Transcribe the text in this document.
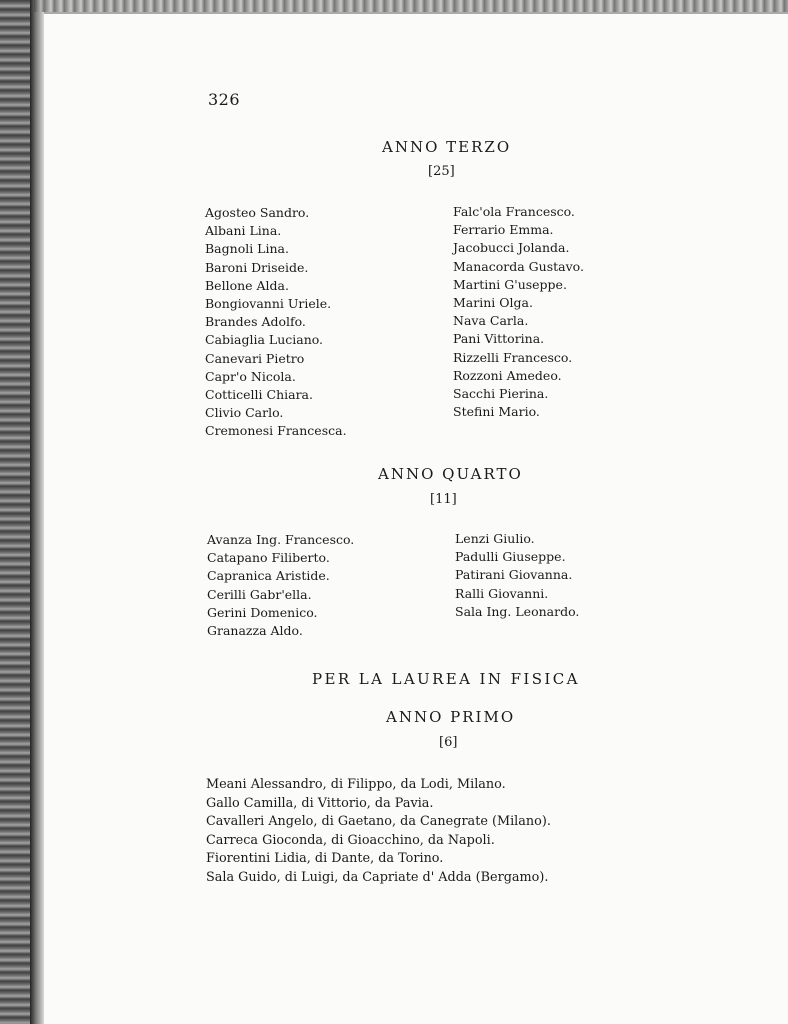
326
ANNO TERZO
[25]
Agosteo Sandro.
Albani Lina.
Bagnoli Lina.
Baroni Driseide.
Bellone Alda.
Bongiovanni Uriele.
Brandes Adolfo.
Cabiaglia Luciano.
Canevari Pietro
Capr'o Nicola.
Cotticelli Chiara.
Clivio Carlo.
Cremonesi Francesca.
Falc'ola Francesco.
Ferrario Emma.
Jacobucci Jolanda.
Manacorda Gustavo.
Martini G'useppe.
Marini Olga.
Nava Carla.
Pani Vittorina.
Rizzelli Francesco.
Rozzoni Amedeo.
Sacchi Pierina.
Stefini Mario.
ANNO QUARTO
[11]
Avanza Ing. Francesco.
Catapano Filiberto.
Capranica Aristide.
Cerilli Gabr'ella.
Gerini Domenico.
Granazza Aldo.
Lenzi Giulio.
Padulli Giuseppe.
Patirani Giovanna.
Ralli Giovanni.
Sala Ing. Leonardo.
PER LA LAUREA IN FISICA
ANNO PRIMO
[6]
Meani Alessandro, di Filippo, da Lodi, Milano.
Gallo Camilla, di Vittorio, da Pavia.
Cavalleri Angelo, di Gaetano, da Canegrate (Milano).
Carreca Gioconda, di Gioacchino, da Napoli.
Fiorentini Lidia, di Dante, da Torino.
Sala Guido, di Luigi, da Capriate d' Adda (Bergamo).
